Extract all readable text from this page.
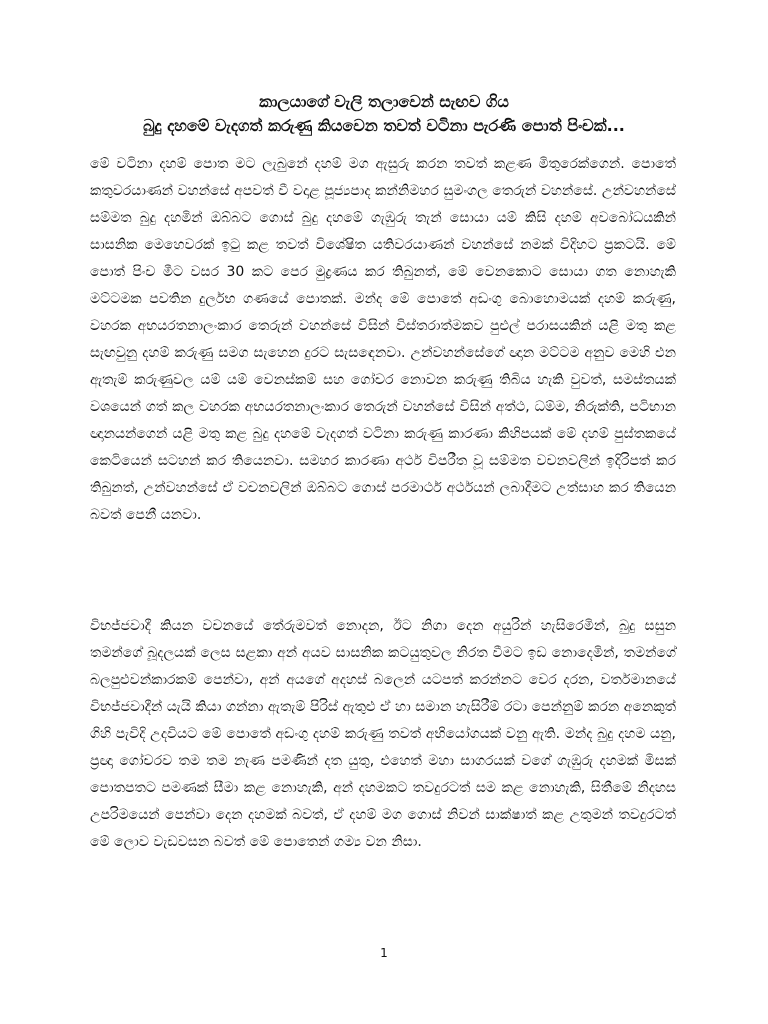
කාලයාගේ වැලි තලාවෙන් සැඟව ගිය
බුදු දහමේ වැදගත් කරුණු කියවෙන තවත් වටිනා පැරණි පොත් පිංචක්...

මේ වටිනා දහම් පොත මට ලැබුනේ දහම් මග ඇසුරු කරන තවත් කළණ මිතුරෙක්ගෙන්. පොතේ කතුවරයාණන් වහන්සේ අපවත් වී වදාළ පූජ්‍යපාද කන්නිමහර සුමංගල තෙරුන් වහන්සේ. උන්වහන්සේ සම්මත බුදු දහමින් ඔබ්බට ගොස් බුදු දහමේ ගැඹුරු තැන් සොයා යම් කිසි දහම් අවබෝධයකින් සාසනික මෙහෙවරක් ඉටු කළ තවත් විශේෂිත යතිවරයාණන් වහන්සේ නමක් විදිහට ප්‍රකටයි. මේ පොත් පිංච මීට වසර 30 කට පෙර මුද්‍රණය කර තිබුනත්, මේ වෙනකොට සොයා ගත නොහැකි මට්ටමක පවතින දුර්ලභ ගණයේ පොතක්. මන්ද මේ පොතේ අඩංගු බොහොමයක් දහම් කරුණු, වහරක අභයරතනාලංකාර තෙරුන් වහන්සේ විසින් විස්තරාත්මකව පුළුල් පරාසයකින් යළි මතු කළ සැඟවුනු දහම් කරුණු සමග සැහෙන දුරට සැසඳෙනවා. උන්වහන්සේගේ ඥාන මට්ටම අනුව මෙහි එන ඇතැම් කරුණුවල යම් යම් වෙනස්කම් සහ ගෝචර නොවන කරුණු තිබිය හැකි වුවත්, සමස්තයක් වශයෙන් ගත් කල වහරක අභයරතනාලංකාර තෙරුන් වහන්සේ විසින් අත්ථ, ධම්ම, නිරුක්ති, පටිභාන ඥානයන්ගෙන් යළි මතු කළ බුදු දහමේ වැදගත් වටිනා කරුණු කාරණා කිහිපයක් මේ දහම් පුස්තකයේ කෙටියෙන් සටහන් කර තියෙනවා. සමහර කාරණා අර්ථ විපරීත වූ සම්මත වචනවලින් ඉදිරිපත් කර තිබුනත්, උන්වහන්සේ ඒ වචනවලින් ඔබ්බට ගොස් පරමාර්ථ අර්ථයන් ලබාදීමට උත්සාහ කර තියෙන බවත් පෙනී යනවා.

විභජ්ජවාදී කියන වචනයේ තේරුමවත් නොදන, ඊට නිගා දෙන අයුරින් හැසිරෙමින්, බුදු සසුන තමන්ගේ බූදලයක් ලෙස සළකා අන් අයව සාසනික කටයුතුවල නිරත වීමට ඉඩ නොදෙමින්, තමන්ගේ බලපුළුවන්කාරකම් පෙන්වා, අන් අයගේ අදහස් බලෙන් යටපත් කරන්නට වෙර දරන, වර්තමානයේ විභජ්ජවාදීන් යැයි කියා ගන්නා ඇතැම් පිරිස් ඇතුළු ඒ හා සමාන හැසිරීම් රටා පෙන්නුම් කරන අනෙකුත් ගිහි පැවිදි උදවියට මේ පොතේ අඩංගු දහම් කරුණු තවත් අභියෝගයක් වනු ඇති. මන්ද බුදු දහම යනු, ප්‍රඥා ගෝචරව තම තම නැණ පමණින් දත යුතු, එහෙත් මහා සාගරයක් වගේ ගැඹුරු දහමක් මිසක් පොතපතට පමණක් සීමා කළ නොහැකි, අන් දහමකට තවදුරටත් සම කළ නොහැකි, සිතීමේ නිදහස උපරිමයෙන් පෙන්වා දෙන දහමක් බවත්, ඒ දහම් මග ගොස් නිවන් සාක්ෂාත් කළ උතුමන් තවදුරටත් මේ ලොව වැඩවසන බවත් මේ පොතෙන් ගම්‍ය වන නිසා.

1
